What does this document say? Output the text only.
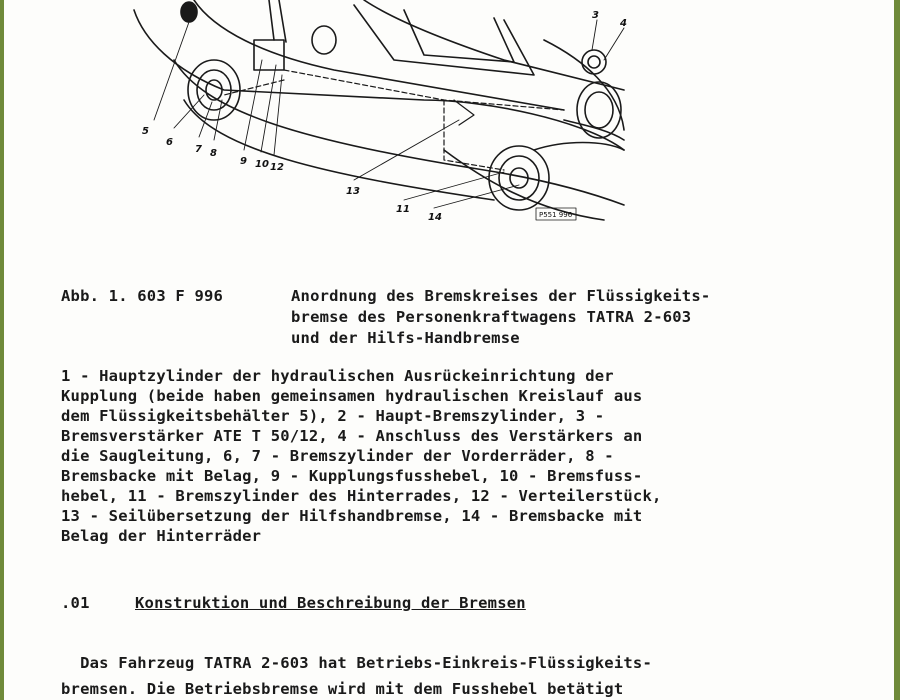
5
6
7 8
9 10 12
13
11
14
3
4
P551 996
Abb. 1. 603 F 996	Anordnung des Bremskreises der Flüssigkeits-
bremse des Personenkraftwagens TATRA 2-603
und der Hilfs-Handbremse
1 - Hauptzylinder der hydraulischen Ausrückeinrichtung der
Kupplung (beide haben gemeinsamen hydraulischen Kreislauf aus
dem Flüssigkeitsbehälter 5), 2 - Haupt-Bremszylinder, 3 -
Bremsverstärker ATE T 50/12, 4 - Anschluss des Verstärkers an
die Saugleitung, 6, 7 - Bremszylinder der Vorderräder, 8 -
Bremsbacke mit Belag, 9 - Kupplungsfusshebel, 10 - Bremsfuss-
hebel, 11 - Bremszylinder des Hinterrades, 12 - Verteilerstück,
13 - Seilübersetzung der Hilfshandbremse, 14 - Bremsbacke mit
Belag der Hinterräder
.01	Konstruktion und Beschreibung der Bremsen
Das Fahrzeug TATRA 2-603 hat Betriebs-Einkreis-Flüssigkeits-
bremsen. Die Betriebsbremse wird mit dem Fusshebel betätigt
